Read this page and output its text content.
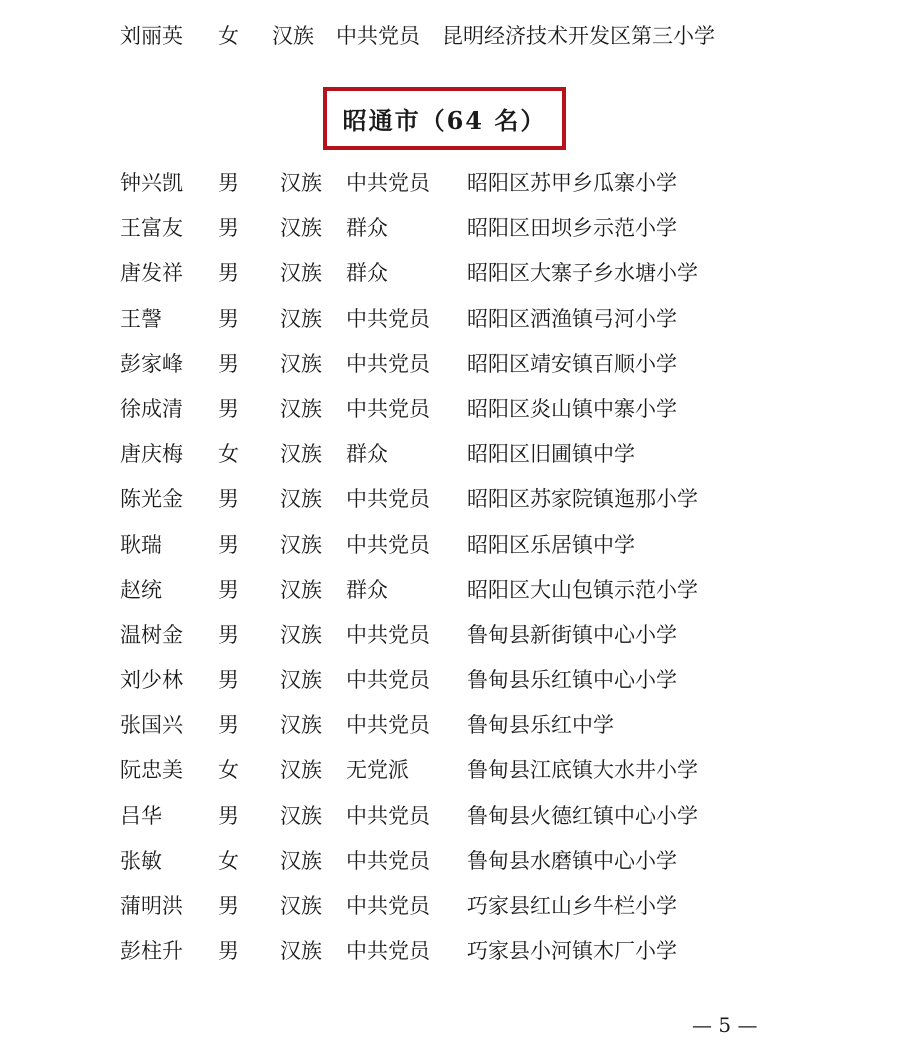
刘丽英 女 汉族 中共党员 昆明经济技术开发区第三小学
昭通市（64 名）
钟兴凯 男 汉族 中共党员 昭阳区苏甲乡瓜寨小学
王富友 男 汉族 群众	昭阳区田坝乡示范小学
唐发祥 男 汉族 群众	昭阳区大寨子乡水塘小学
王謦	男 汉族 中共党员 昭阳区洒渔镇弓河小学
彭家峰 男 汉族 中共党员 昭阳区靖安镇百顺小学
徐成清 男 汉族 中共党员 昭阳区炎山镇中寨小学
唐庆梅 女 汉族 群众	昭阳区旧圃镇中学
陈光金 男 汉族 中共党员 昭阳区苏家院镇迤那小学
耿瑞	男 汉族 中共党员 昭阳区乐居镇中学
赵统	男 汉族 群众	昭阳区大山包镇示范小学
温树金 男 汉族 中共党员 鲁甸县新街镇中心小学
刘少林 男 汉族 中共党员 鲁甸县乐红镇中心小学
张国兴 男 汉族 中共党员 鲁甸县乐红中学
阮忠美 女 汉族 无党派	鲁甸县江底镇大水井小学
吕华	男 汉族 中共党员 鲁甸县火德红镇中心小学
张敏	女 汉族 中共党员 鲁甸县水磨镇中心小学
蒲明洪 男 汉族 中共党员 巧家县红山乡牛栏小学
彭柱升 男 汉族 中共党员 巧家县小河镇木厂小学
— 5 —
